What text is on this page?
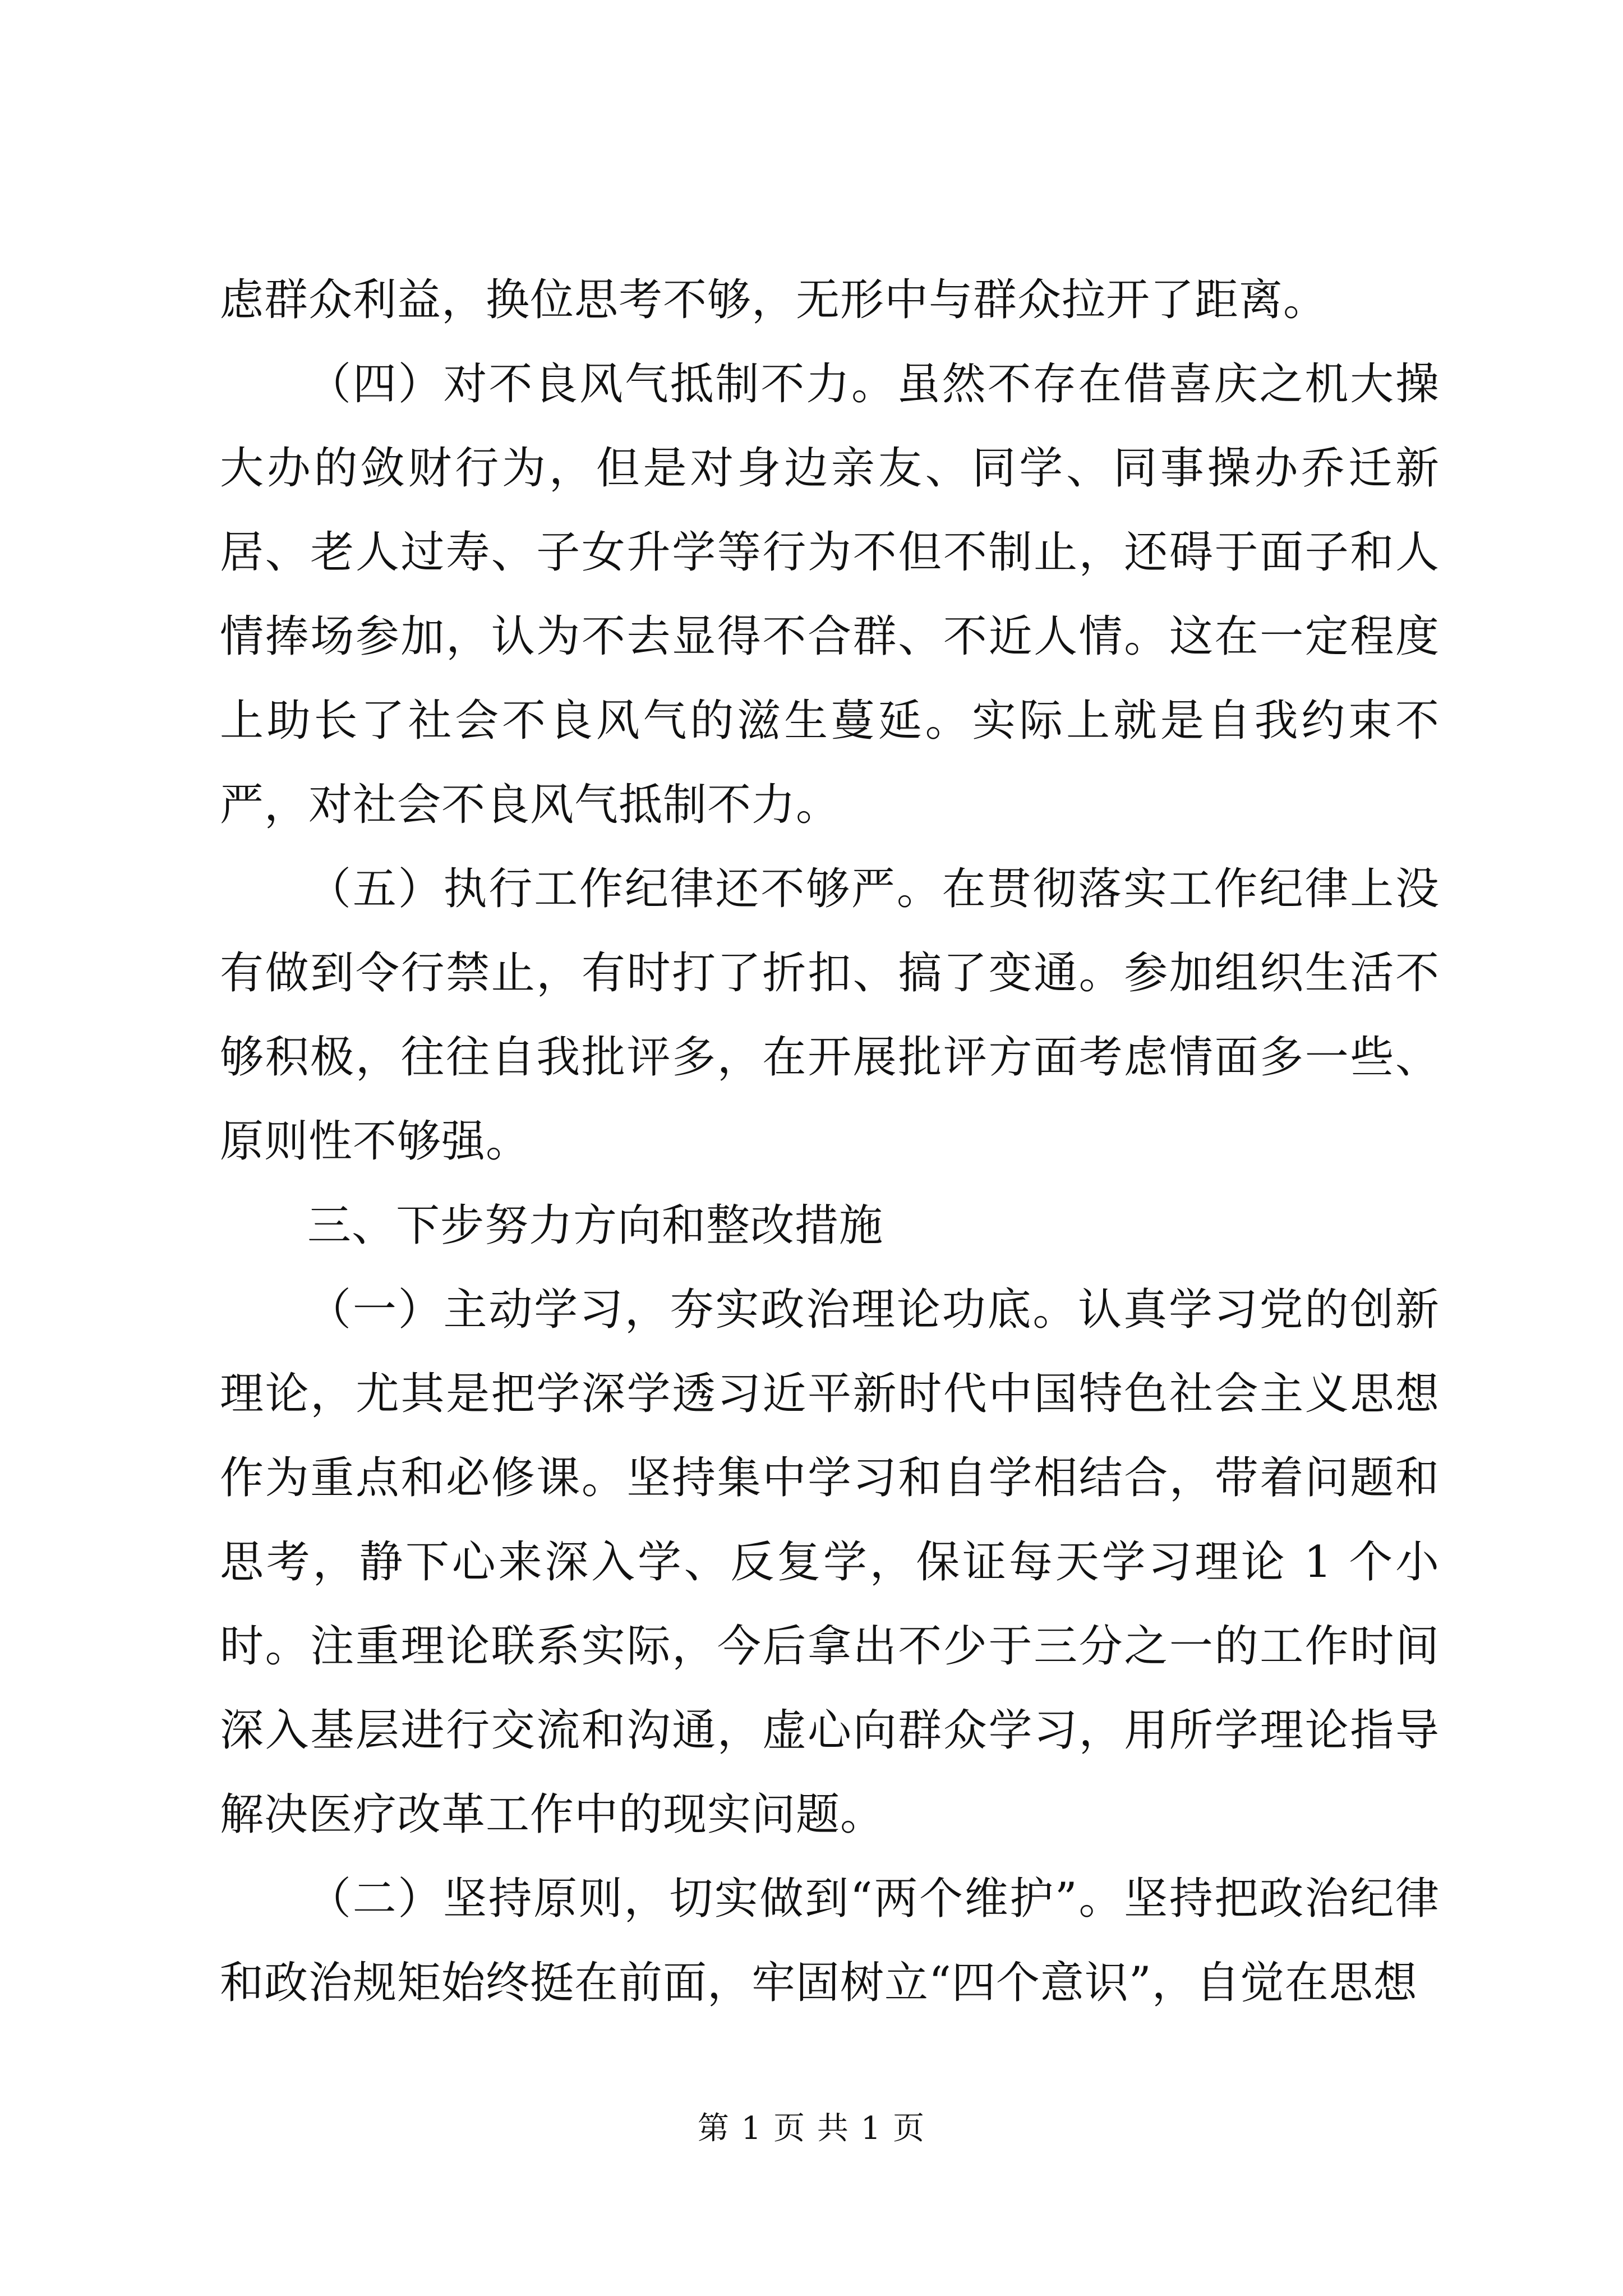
虑群众利益，换位思考不够，无形中与群众拉开了距离。

（四）对不良风气抵制不力。虽然不存在借喜庆之机大操大办的敛财行为，但是对身边亲友、同学、同事操办乔迁新居、老人过寿、子女升学等行为不但不制止，还碍于面子和人情捧场参加，认为不去显得不合群、不近人情。这在一定程度上助长了社会不良风气的滋生蔓延。实际上就是自我约束不严，对社会不良风气抵制不力。

（五）执行工作纪律还不够严。在贯彻落实工作纪律上没有做到令行禁止，有时打了折扣、搞了变通。参加组织生活不够积极，往往自我批评多，在开展批评方面考虑情面多一些、原则性不够强。

三、下步努力方向和整改措施

（一）主动学习，夯实政治理论功底。认真学习党的创新理论，尤其是把学深学透习近平新时代中国特色社会主义思想作为重点和必修课。坚持集中学习和自学相结合，带着问题和思考，静下心来深入学、反复学，保证每天学习理论 1 个小时。注重理论联系实际，今后拿出不少于三分之一的工作时间深入基层进行交流和沟通，虚心向群众学习，用所学理论指导解决医疗改革工作中的现实问题。

（二）坚持原则，切实做到“两个维护”。坚持把政治纪律和政治规矩始终挺在前面，牢固树立“四个意识”，自觉在思想

第 1 页 共 1 页
